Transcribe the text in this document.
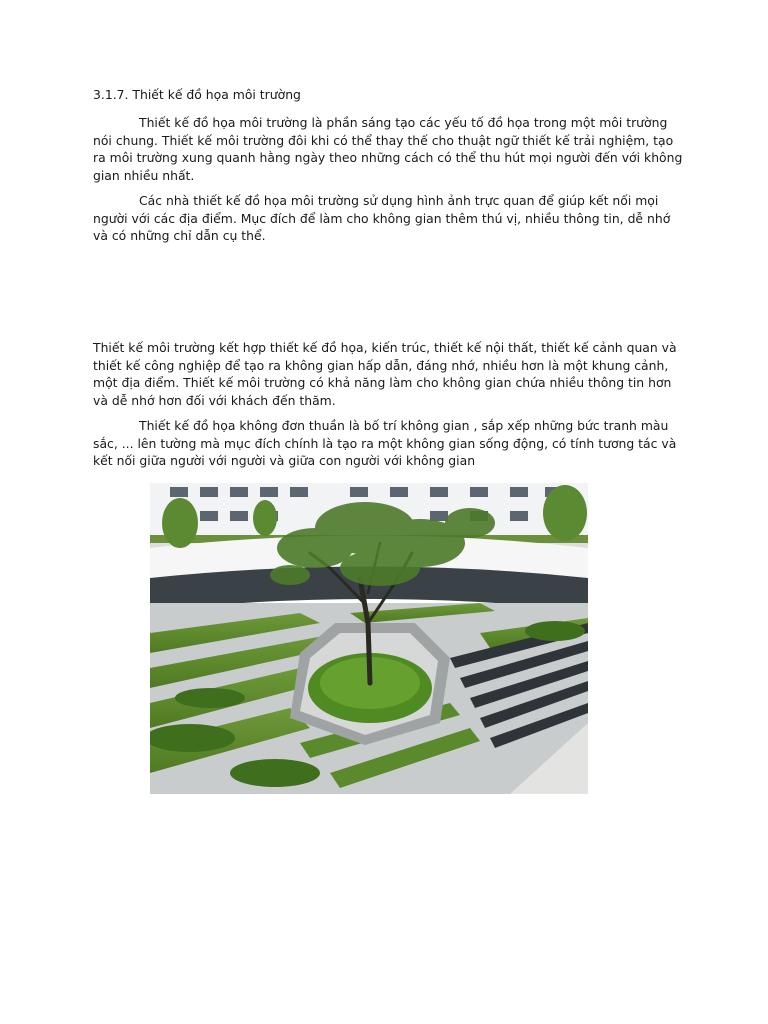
3.1.7. Thiết kế đồ họa môi trường

Thiết kế đồ họa môi trường là phần sáng tạo các yếu tố đồ họa trong một môi trường nói chung. Thiết kế môi trường đôi khi có thể thay thế cho thuật ngữ thiết kế trải nghiệm, tạo ra môi trường xung quanh hằng ngày theo những cách có thể thu hút mọi người đến với không gian nhiều nhất.

Các nhà thiết kế đồ họa môi trường sử dụng hình ảnh trực quan để giúp kết nối mọi người với các địa điểm. Mục đích để làm cho không gian thêm thú vị, nhiều thông tin, dễ nhớ và có những chỉ dẫn cụ thể.

Thiết kế môi trường kết hợp thiết kế đồ họa, kiến trúc, thiết kế nội thất, thiết kế cảnh quan và thiết kế công nghiệp để tạo ra không gian hấp dẫn, đáng nhớ, nhiều hơn là một khung cảnh, một địa điểm. Thiết kế môi trường có khả năng làm cho không gian chứa nhiều thông tin hơn và dễ nhớ hơn đối với khách đến thăm.

Thiết kế đồ họa không đơn thuần là bố trí không gian , sắp xếp những bức tranh màu sắc, ... lên tường mà mục đích chính là tạo ra một không gian sống động, có tính tương tác và kết nối giữa người với người và giữa con người với không gian
